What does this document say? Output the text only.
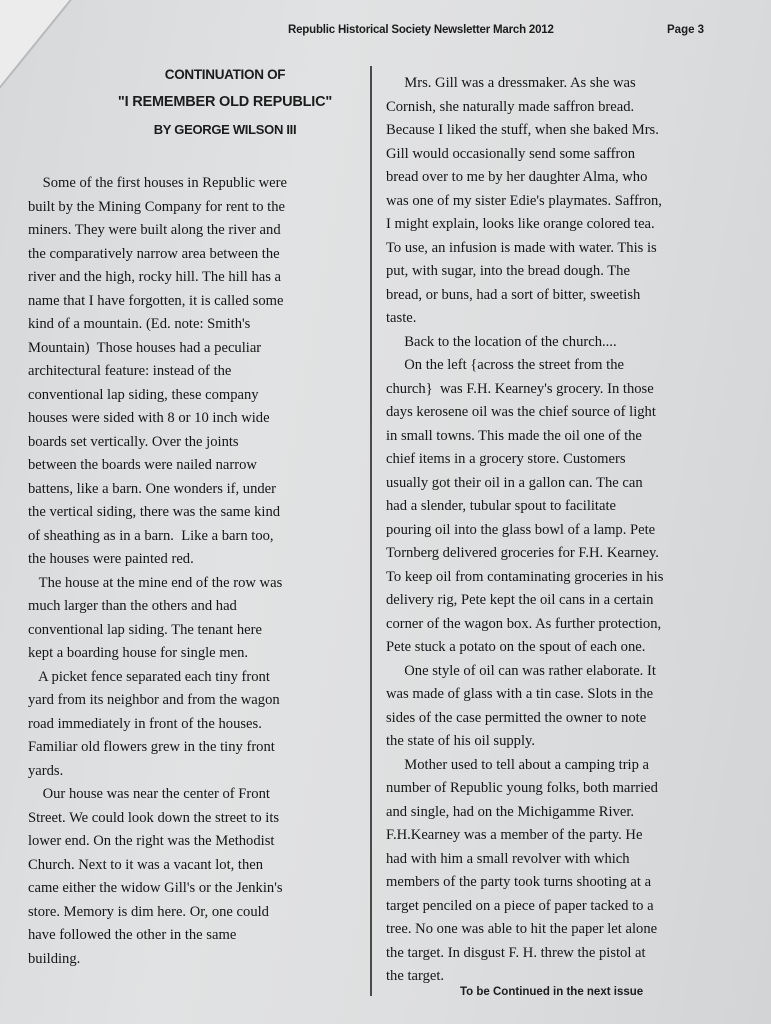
Republic Historical Society Newsletter March 2012	Page 3
CONTINUATION OF
"I REMEMBER OLD REPUBLIC"
BY GEORGE WILSON III
Some of the first houses in Republic were
built by the Mining Company for rent to the
miners. They were built along the river and
the comparatively narrow area between the
river and the high, rocky hill. The hill has a
name that I have forgotten, it is called some
kind of a mountain. (Ed. note: Smith's
Mountain)  Those houses had a peculiar
architectural feature: instead of the
conventional lap siding, these company
houses were sided with 8 or 10 inch wide
boards set vertically. Over the joints
between the boards were nailed narrow
battens, like a barn. One wonders if, under
the vertical siding, there was the same kind
of sheathing as in a barn.  Like a barn too,
the houses were painted red.
The house at the mine end of the row was
much larger than the others and had
conventional lap siding. The tenant here
kept a boarding house for single men.
A picket fence separated each tiny front
yard from its neighbor and from the wagon
road immediately in front of the houses.
Familiar old flowers grew in the tiny front
yards.
Our house was near the center of Front
Street. We could look down the street to its
lower end. On the right was the Methodist
Church. Next to it was a vacant lot, then
came either the widow Gill's or the Jenkin's
store. Memory is dim here. Or, one could
have followed the other in the same
building.
Mrs. Gill was a dressmaker. As she was
Cornish, she naturally made saffron bread.
Because I liked the stuff, when she baked Mrs.
Gill would occasionally send some saffron
bread over to me by her daughter Alma, who
was one of my sister Edie's playmates. Saffron,
I might explain, looks like orange colored tea.
To use, an infusion is made with water. This is
put, with sugar, into the bread dough. The
bread, or buns, had a sort of bitter, sweetish
taste.
Back to the location of the church....
On the left {across the street from the
church}  was F.H. Kearney's grocery. In those
days kerosene oil was the chief source of light
in small towns. This made the oil one of the
chief items in a grocery store. Customers
usually got their oil in a gallon can. The can
had a slender, tubular spout to facilitate
pouring oil into the glass bowl of a lamp. Pete
Tornberg delivered groceries for F.H. Kearney.
To keep oil from contaminating groceries in his
delivery rig, Pete kept the oil cans in a certain
corner of the wagon box. As further protection,
Pete stuck a potato on the spout of each one.
One style of oil can was rather elaborate. It
was made of glass with a tin case. Slots in the
sides of the case permitted the owner to note
the state of his oil supply.
Mother used to tell about a camping trip a
number of Republic young folks, both married
and single, had on the Michigamme River.
F.H.Kearney was a member of the party. He
had with him a small revolver with which
members of the party took turns shooting at a
target penciled on a piece of paper tacked to a
tree. No one was able to hit the paper let alone
the target. In disgust F. H. threw the pistol at
the target.
To be Continued in the next issue
